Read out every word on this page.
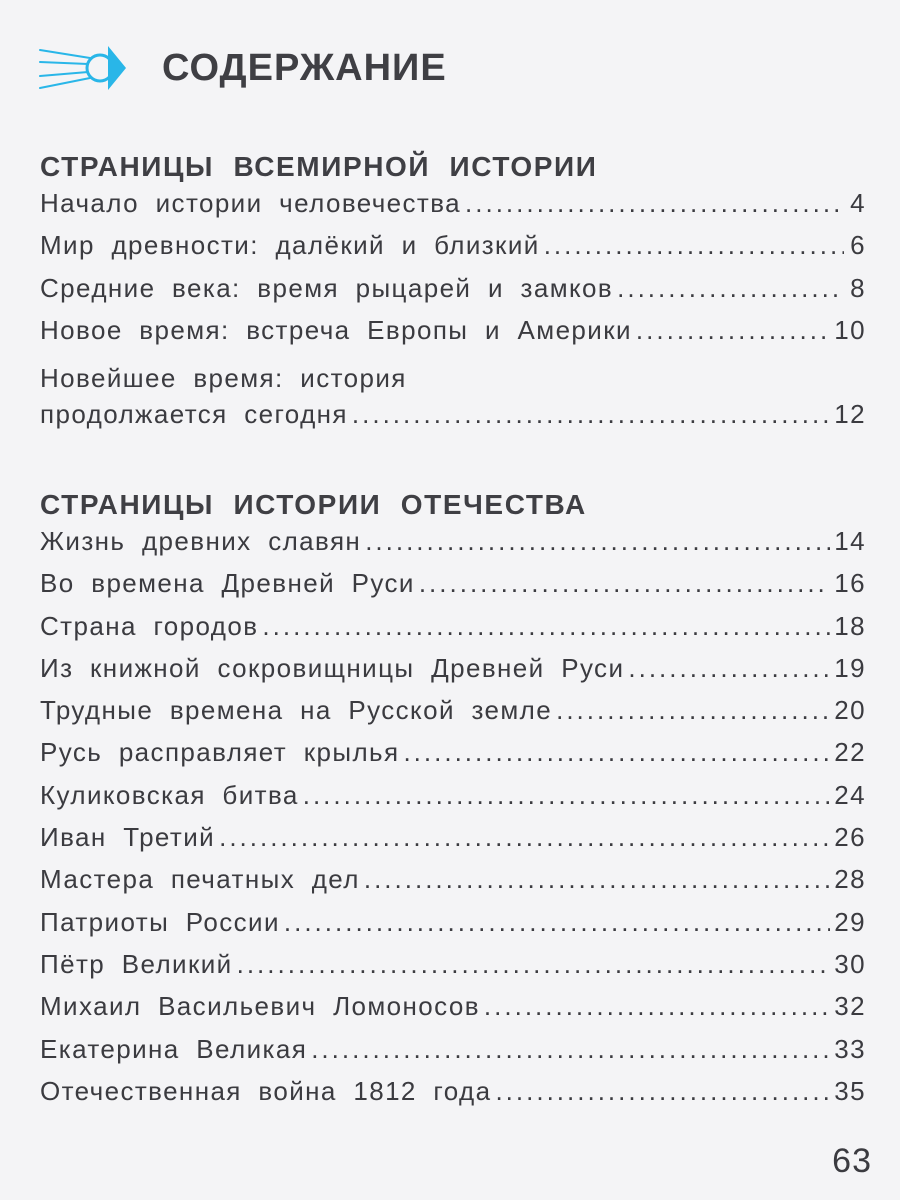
СОДЕРЖАНИЕ
СТРАНИЦЫ ВСЕМИРНОЙ ИСТОРИИ
Начало истории человечества .....	4
Мир древности: далёкий и близкий .....	6
Средние века: время рыцарей и замков .....	8
Новое время: встреча Европы и Америки .....	10
Новейшее время: история
продолжается сегодня .....	12
СТРАНИЦЫ ИСТОРИИ ОТЕЧЕСТВА
Жизнь древних славян .....	14
Во времена Древней Руси .....	16
Страна городов .....	18
Из книжной сокровищницы Древней Руси .....	19
Трудные времена на Русской земле .....	20
Русь расправляет крылья .....	22
Куликовская битва .....	24
Иван Третий .....	26
Мастера печатных дел .....	28
Патриоты России .....	29
Пётр Великий .....	30
Михаил Васильевич Ломоносов .....	32
Екатерина Великая .....	33
Отечественная война 1812 года .....	35
63
